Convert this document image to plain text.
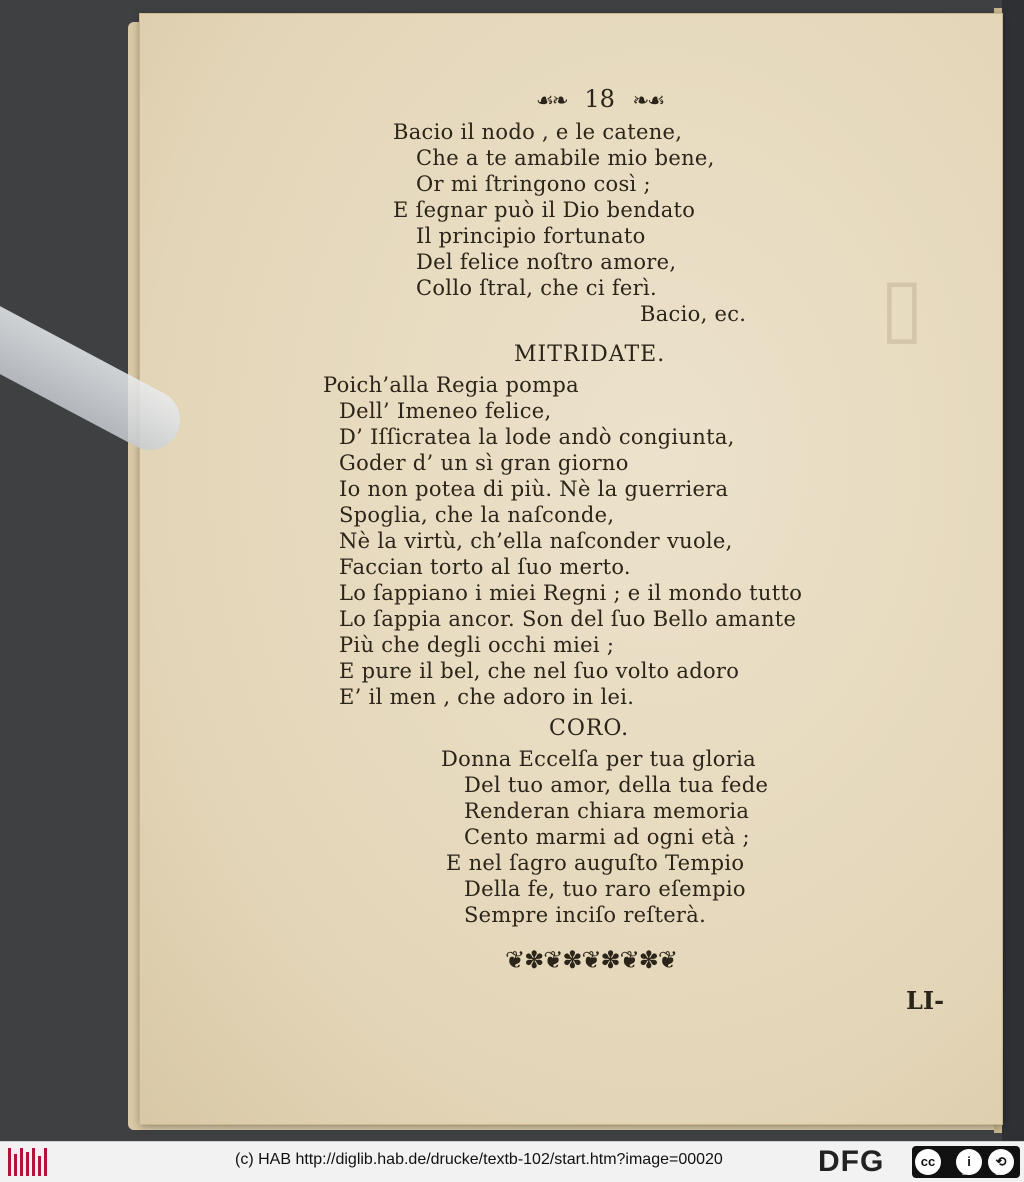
▯
☙❧ 18 ❧☙
Bacio il nodo , e le catene,
Che a te amabile mio bene,
Or mi ſtringono così ;
E ſegnar può il Dio bendato
Il principio fortunato
Del felice noſtro amore,
Collo ſtral, che ci ferì.
Bacio, ec.
MITRIDATE.
Poich’alla Regia pompa
Dell’ Imeneo felice,
D’ Iſſicratea la lode andò congiunta,
Goder d’ un sì gran giorno
Io non potea di più. Nè la guerriera
Spoglia, che la naſconde,
Nè la virtù, ch’ella naſconder vuole,
Faccian torto al ſuo merto.
Lo ſappiano i miei Regni ; e il mondo tutto
Lo ſappia ancor. Son del ſuo Bello amante
Più che degli occhi miei ;
E pure il bel, che nel ſuo volto adoro
E’ il men , che adoro in lei.
CORO.
Donna Eccelſa per tua gloria
Del tuo amor, della tua fede
Renderan chiara memoria
Cento marmi ad ogni età ;
E nel ſagro auguſto Tempio
Della fe, tuo raro eſempio
Sempre inciſo reſterà.
❦✽❦✽❦✽❦✽❦
LI-
(c) HAB http://diglib.hab.de/drucke/textb-102/start.htm?image=00020	DFG	cc	i	⟲
BY	SA
